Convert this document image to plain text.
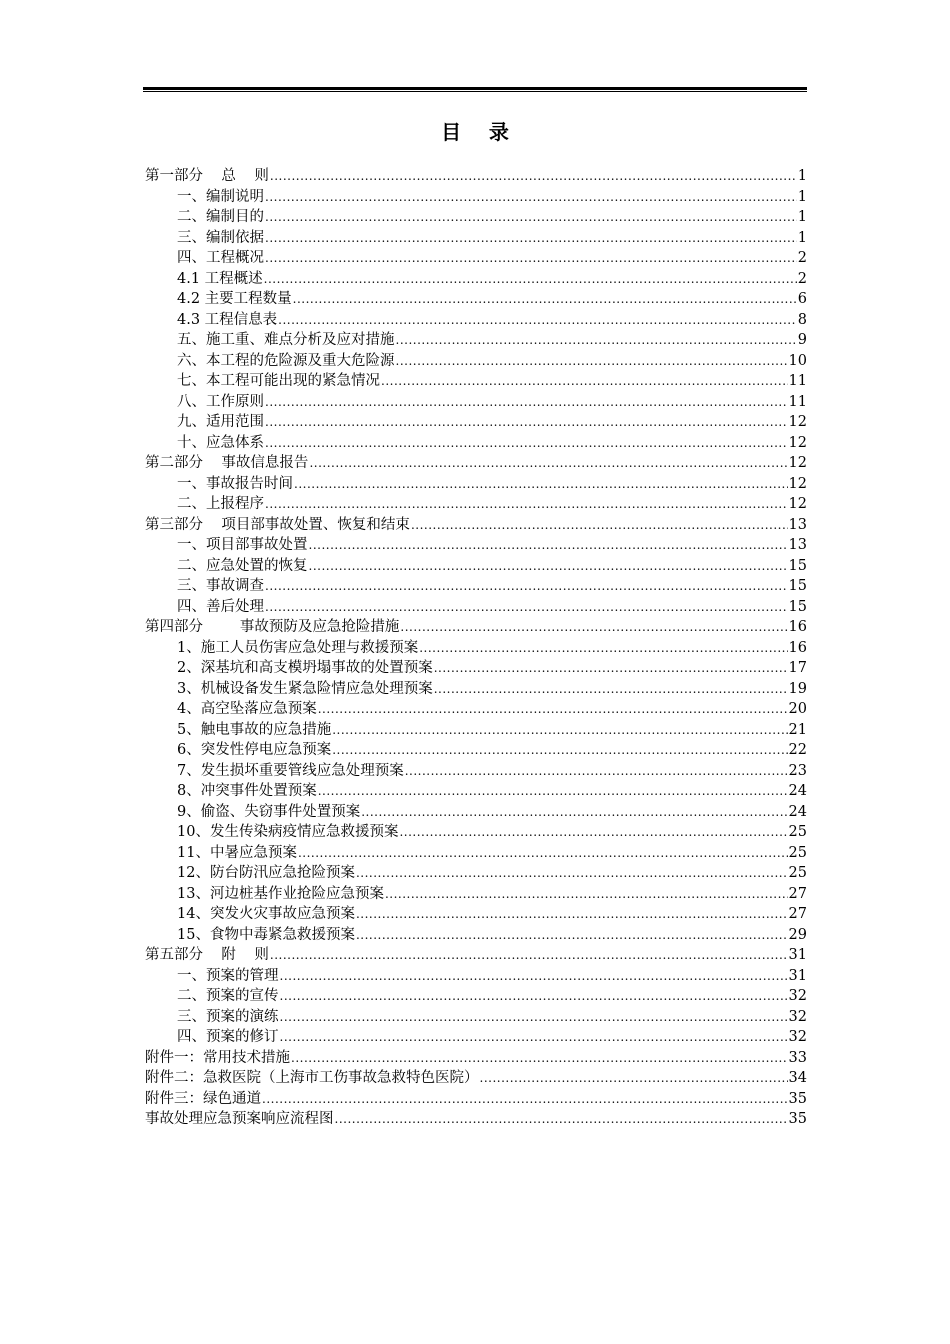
目    录
第一部分    总    则 .....	1
一、编制说明 .....	1
二、编制目的 .....	1
三、编制依据 .....	1
四、工程概况 .....	2
4.1 工程概述 .....	2
4.2 主要工程数量 .....	6
4.3 工程信息表 .....	8
五、施工重、难点分析及应对措施 .....	9
六、本工程的危险源及重大危险源 .....	10
七、本工程可能出现的紧急情况 .....	11
八、工作原则 .....	11
九、适用范围 .....	12
十、应急体系 .....	12
第二部分    事故信息报告 .....	12
一、事故报告时间 .....	12
二、上报程序 .....	12
第三部分    项目部事故处置、恢复和结束 .....	13
一、项目部事故处置 .....	13
二、应急处置的恢复 .....	15
三、事故调查 .....	15
四、善后处理 .....	15
第四部分        事故预防及应急抢险措施 .....	16
1、施工人员伤害应急处理与救援预案 .....	16
2、深基坑和高支模坍塌事故的处置预案 .....	17
3、机械设备发生紧急险情应急处理预案 .....	19
4、高空坠落应急预案 .....	20
5、触电事故的应急措施 .....	21
6、突发性停电应急预案 .....	22
7、发生损坏重要管线应急处理预案 .....	23
8、冲突事件处置预案 .....	24
9、偷盗、失窃事件处置预案 .....	24
10、发生传染病疫情应急救援预案 .....	25
11、中暑应急预案 .....	25
12、防台防汛应急抢险预案 .....	25
13、河边桩基作业抢险应急预案 .....	27
14、突发火灾事故应急预案 .....	27
15、食物中毒紧急救援预案 .....	29
第五部分    附    则 .....	31
一、预案的管理 .....	31
二、预案的宣传 .....	32
三、预案的演练 .....	32
四、预案的修订 .....	32
附件一：常用技术措施 .....	33
附件二：急救医院（上海市工伤事故急救特色医院） .....	34
附件三：绿色通道 .....	35
事故处理应急预案响应流程图 .....	35
